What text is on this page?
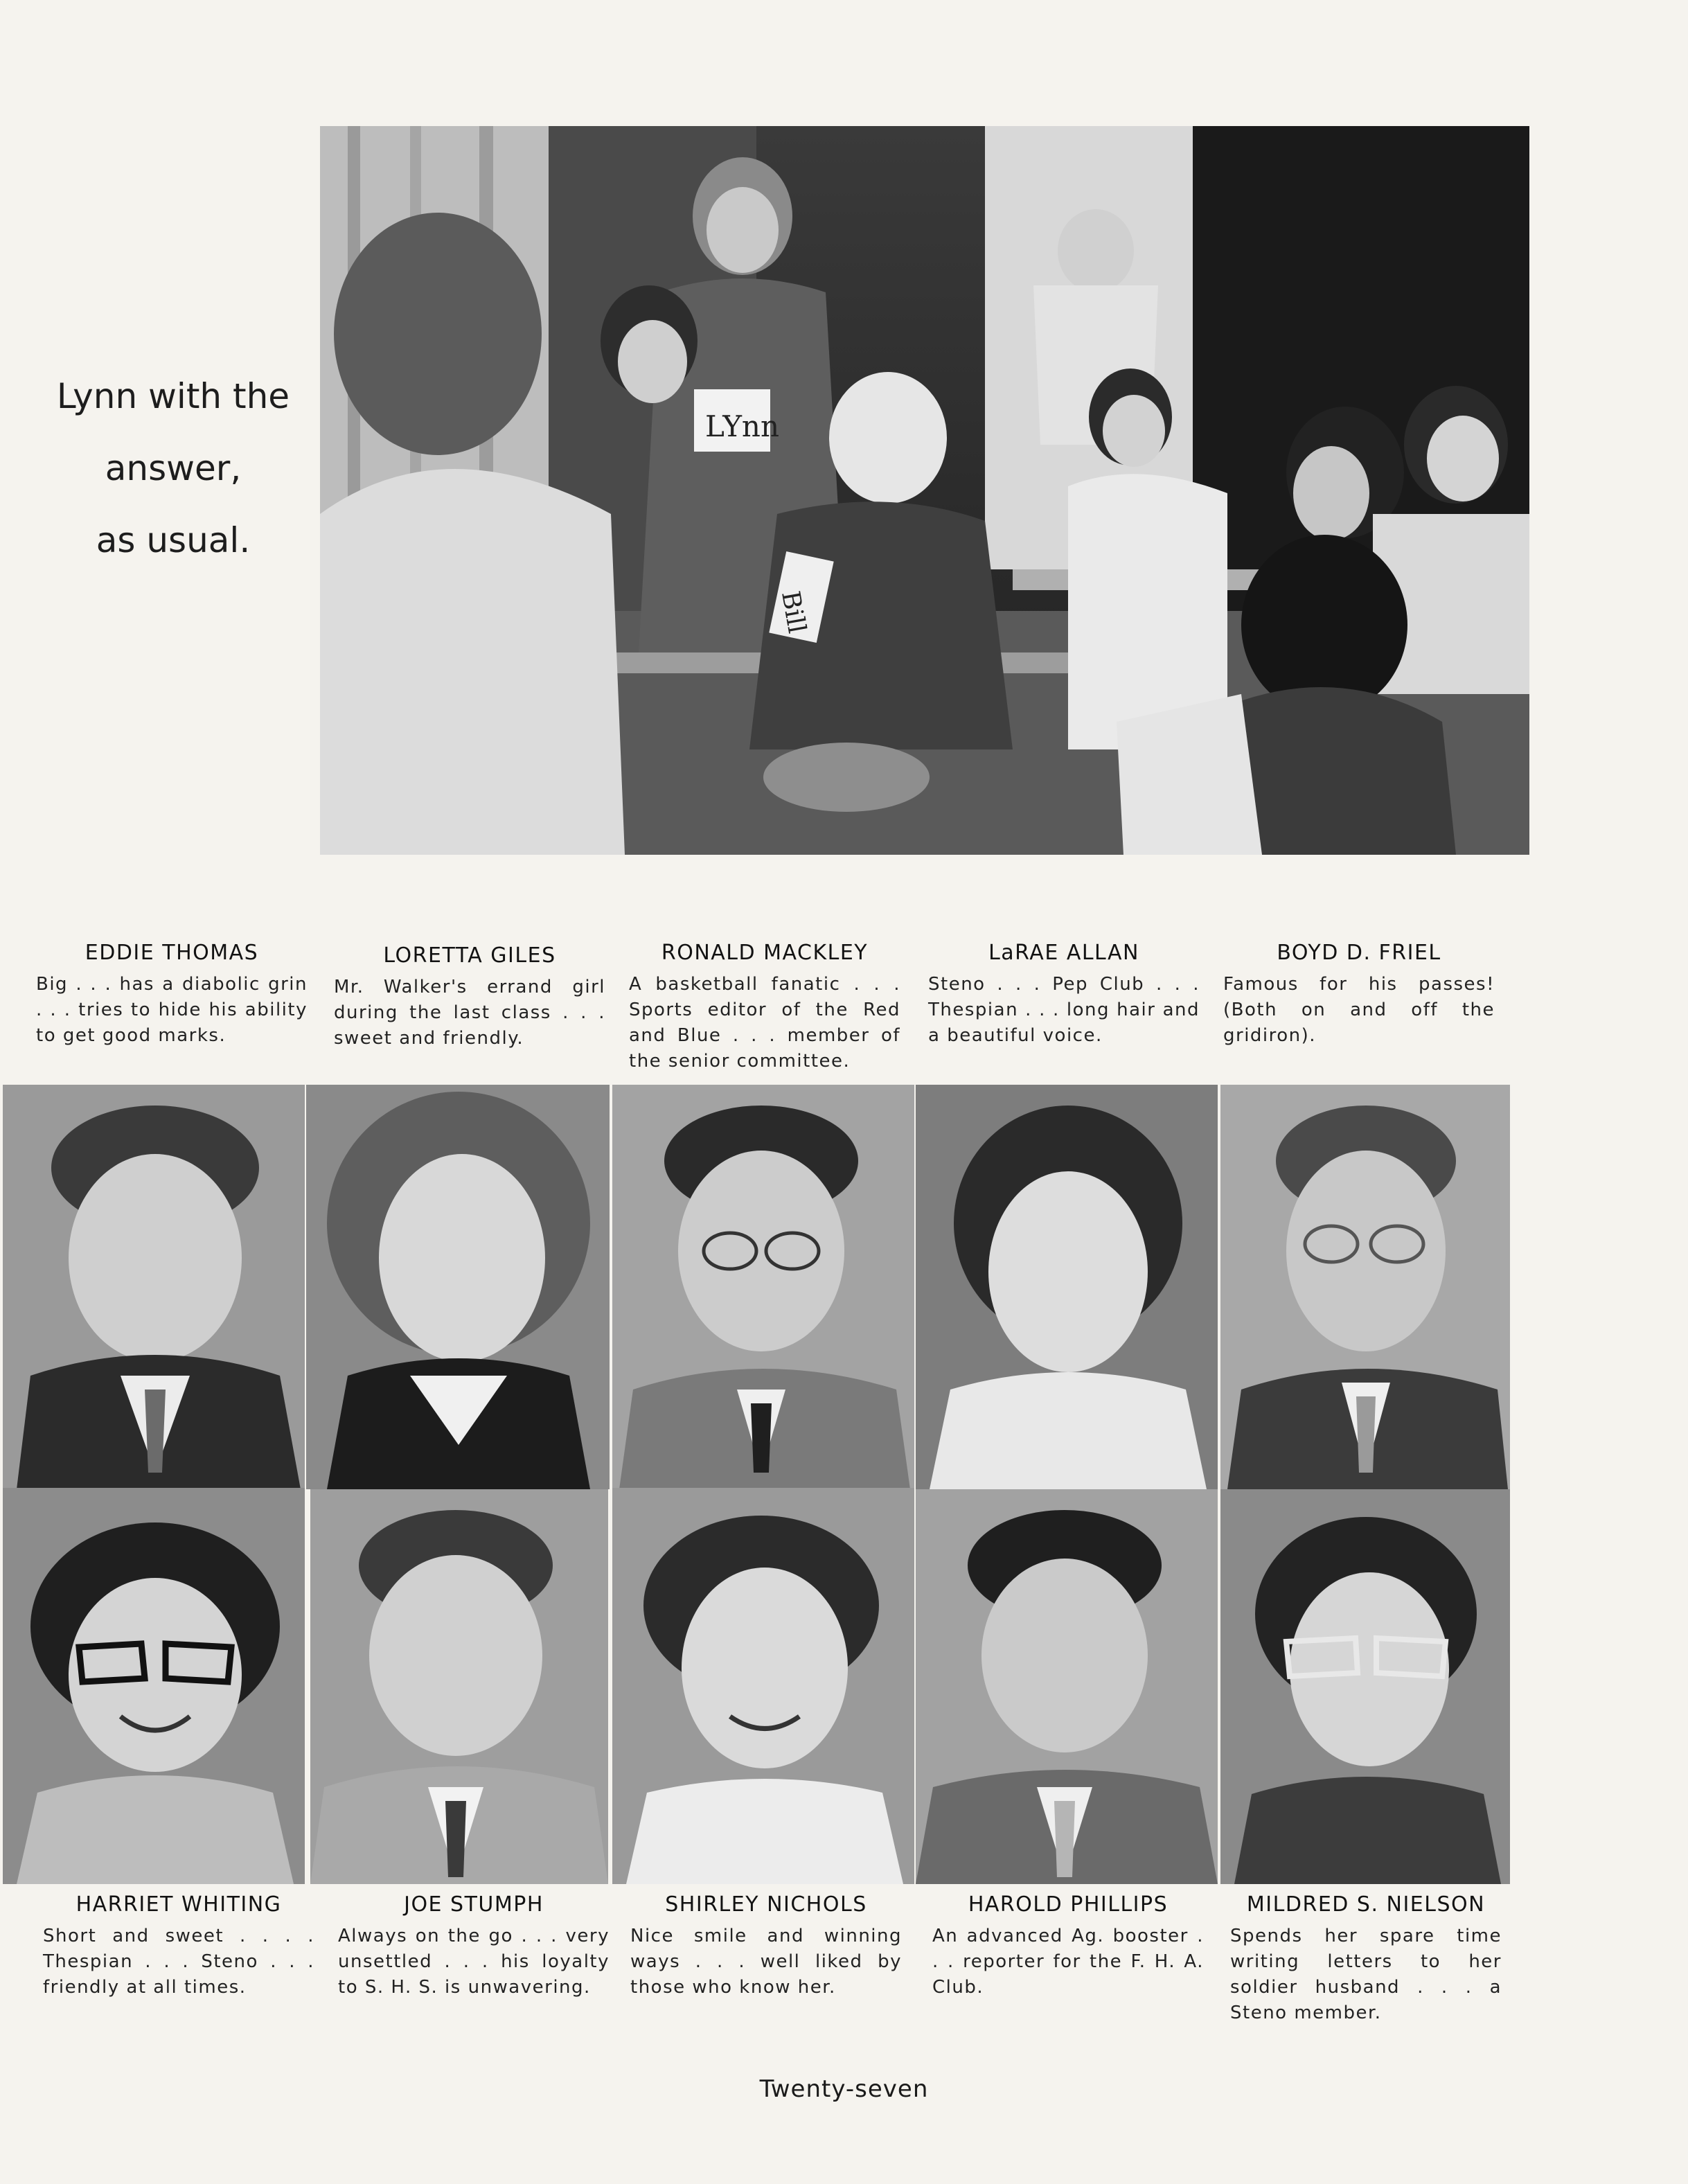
Lynn with the
answer,
as usual.
LYnn
Bill
EDDIE THOMAS
Big . . . has a diabolic grin . . . tries to hide his ability to get good marks.
LORETTA GILES
Mr. Walker's errand girl during the last class . . . sweet and friendly.
RONALD MACKLEY
A basketball fanatic . . . Sports editor of the Red and Blue . . . member of the senior committee.
LaRAE ALLAN
Steno . . . Pep Club . . . Thespian . . . long hair and a beautiful voice.
BOYD D. FRIEL
Famous for his passes! (Both on and off the gridiron).
HARRIET WHITING
Short and sweet . . . . Thespian . . . Steno . . . friendly at all times.
JOE STUMPH
Always on the go . . . very unsettled . . . his loyalty to S. H. S. is unwavering.
SHIRLEY NICHOLS
Nice smile and winning ways . . . well liked by those who know her.
HAROLD PHILLIPS
An advanced Ag. booster . . . reporter for the F. H. A. Club.
MILDRED S. NIELSON
Spends her spare time writing letters to her soldier husband . . . a Steno member.
Twenty-seven
